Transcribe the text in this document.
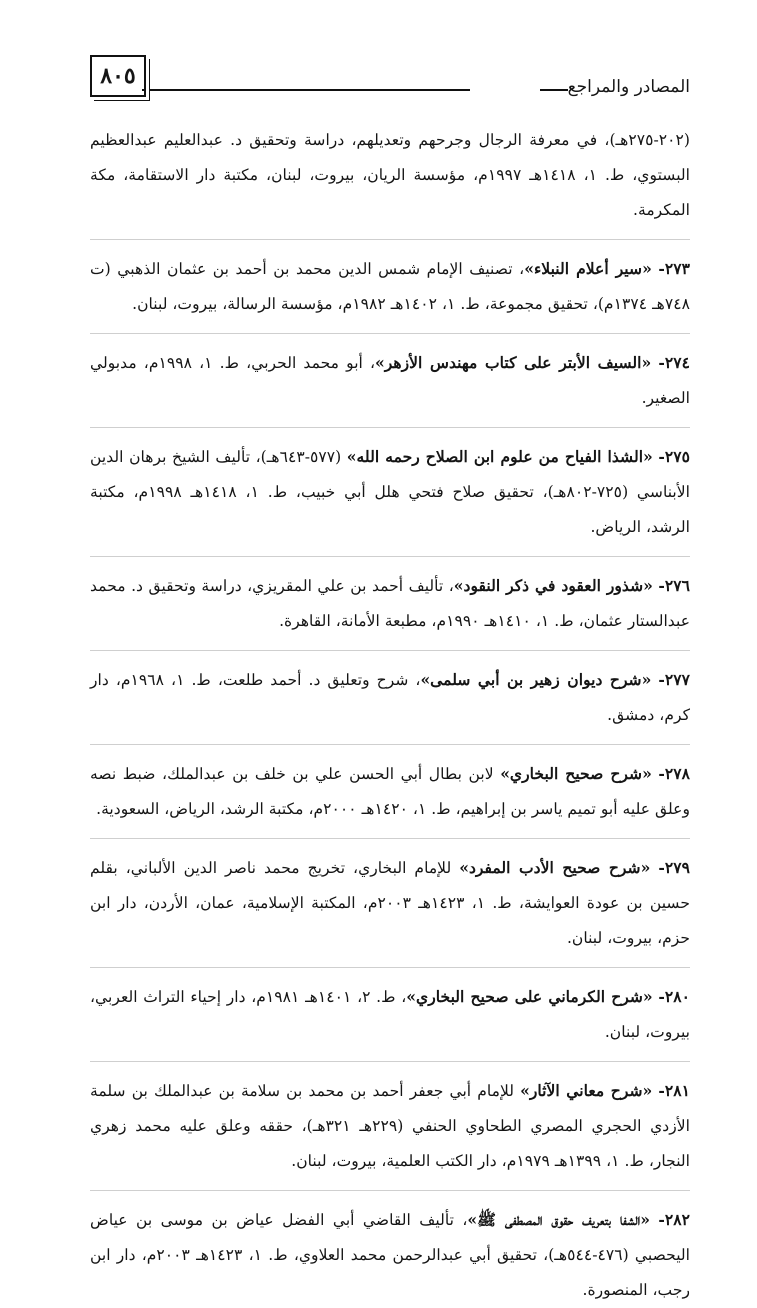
المصادر والمراجع
٨٠٥

(٢٠٢-٢٧٥هـ)، في معرفة الرجال وجرحهم وتعديلهم، دراسة وتحقيق د. عبدالعليم عبدالعظيم البستوي، ط. ١، ١٤١٨هـ ١٩٩٧م، مؤسسة الريان، بيروت، لبنان، مكتبة دار الاستقامة، مكة المكرمة.

٢٧٣- «سير أعلام النبلاء»، تصنيف الإمام شمس الدين محمد بن أحمد بن عثمان الذهبي (ت ٧٤٨هـ ١٣٧٤م)، تحقيق مجموعة، ط. ١، ١٤٠٢هـ ١٩٨٢م، مؤسسة الرسالة، بيروت، لبنان.

٢٧٤- «السيف الأبتر على كتاب مهندس الأزهر»، أبو محمد الحربي، ط. ١، ١٩٩٨م، مدبولي الصغير.

٢٧٥- «الشذا الفياح من علوم ابن الصلاح رحمه الله» (٥٧٧-٦٤٣هـ)، تأليف الشيخ برهان الدين الأبناسي (٧٢٥-٨٠٢هـ)، تحقيق صلاح فتحي هلل أبي خبيب، ط. ١، ١٤١٨هـ ١٩٩٨م، مكتبة الرشد، الرياض.

٢٧٦- «شذور العقود في ذكر النقود»، تأليف أحمد بن علي المقريزي، دراسة وتحقيق د. محمد عبدالستار عثمان، ط. ١، ١٤١٠هـ ١٩٩٠م، مطبعة الأمانة، القاهرة.

٢٧٧- «شرح ديوان زهير بن أبي سلمى»، شرح وتعليق د. أحمد طلعت، ط. ١، ١٩٦٨م، دار كرم، دمشق.

٢٧٨- «شرح صحيح البخاري» لابن بطال أبي الحسن علي بن خلف بن عبدالملك، ضبط نصه وعلق عليه أبو تميم ياسر بن إبراهيم، ط. ١، ١٤٢٠هـ ٢٠٠٠م، مكتبة الرشد، الرياض، السعودية.

٢٧٩- «شرح صحيح الأدب المفرد» للإمام البخاري، تخريج محمد ناصر الدين الألباني، بقلم حسين بن عودة العوايشة، ط. ١، ١٤٢٣هـ ٢٠٠٣م، المكتبة الإسلامية، عمان، الأردن، دار ابن حزم، بيروت، لبنان.

٢٨٠- «شرح الكرماني على صحيح البخاري»، ط. ٢، ١٤٠١هـ ١٩٨١م، دار إحياء التراث العربي، بيروت، لبنان.

٢٨١- «شرح معاني الآثار» للإمام أبي جعفر أحمد بن محمد بن سلامة بن عبدالملك بن سلمة الأزدي الحجري المصري الطحاوي الحنفي (٢٢٩هـ ٣٢١هـ)، حققه وعلق عليه محمد زهري النجار، ط. ١، ١٣٩٩هـ ١٩٧٩م، دار الكتب العلمية، بيروت، لبنان.

٢٨٢- «الشفا بتعريف حقوق المصطفى ﷺ»، تأليف القاضي أبي الفضل عياض بن موسى بن عياض اليحصبي (٤٧٦-٥٤٤هـ)، تحقيق أبي عبدالرحمن محمد العلاوي، ط. ١، ١٤٢٣هـ ٢٠٠٣م، دار ابن رجب، المنصورة.
